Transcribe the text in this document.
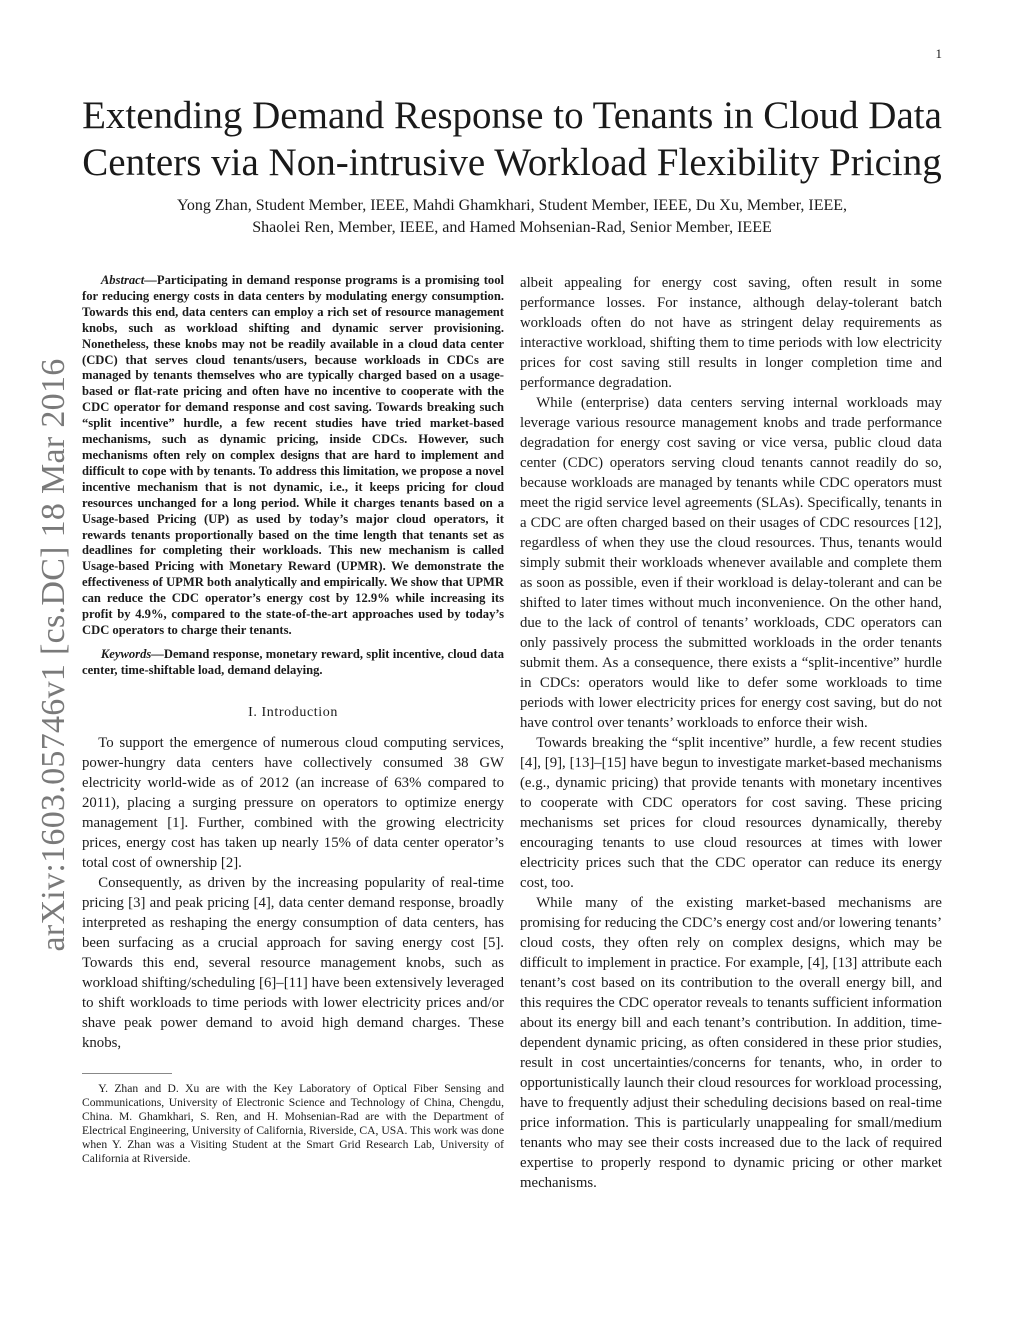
1
arXiv:1603.05746v1 [cs.DC] 18 Mar 2016
Extending Demand Response to Tenants in Cloud Data Centers via Non-intrusive Workload Flexibility Pricing
Yong Zhan, Student Member, IEEE, Mahdi Ghamkhari, Student Member, IEEE, Du Xu, Member, IEEE,
Shaolei Ren, Member, IEEE, and Hamed Mohsenian-Rad, Senior Member, IEEE

Abstract—Participating in demand response programs is a promising tool for reducing energy costs in data centers by modulating energy consumption. Towards this end, data centers can employ a rich set of resource management knobs, such as workload shifting and dynamic server provisioning. Nonetheless, these knobs may not be readily available in a cloud data center (CDC) that serves cloud tenants/users, because workloads in CDCs are managed by tenants themselves who are typically charged based on a usage-based or flat-rate pricing and often have no incentive to cooperate with the CDC operator for demand response and cost saving. Towards breaking such “split incentive” hurdle, a few recent studies have tried market-based mechanisms, such as dynamic pricing, inside CDCs. However, such mechanisms often rely on complex designs that are hard to implement and difficult to cope with by tenants. To address this limitation, we propose a novel incentive mechanism that is not dynamic, i.e., it keeps pricing for cloud resources unchanged for a long period. While it charges tenants based on a Usage-based Pricing (UP) as used by today’s major cloud operators, it rewards tenants proportionally based on the time length that tenants set as deadlines for completing their workloads. This new mechanism is called Usage-based Pricing with Monetary Reward (UPMR). We demonstrate the effectiveness of UPMR both analytically and empirically. We show that UPMR can reduce the CDC operator’s energy cost by 12.9% while increasing its profit by 4.9%, compared to the state-of-the-art approaches used by today’s CDC operators to charge their tenants.

Keywords—Demand response, monetary reward, split incentive, cloud data center, time-shiftable load, demand delaying.

I. Introduction

To support the emergence of numerous cloud computing services, power-hungry data centers have collectively consumed 38 GW electricity world-wide as of 2012 (an increase of 63% compared to 2011), placing a surging pressure on operators to optimize energy management [1]. Further, combined with the growing electricity prices, energy cost has taken up nearly 15% of data center operator’s total cost of ownership [2].

Consequently, as driven by the increasing popularity of real-time pricing [3] and peak pricing [4], data center demand response, broadly interpreted as reshaping the energy consumption of data centers, has been surfacing as a crucial approach for saving energy cost [5]. Towards this end, several resource management knobs, such as workload shifting/scheduling [6]–[11] have been extensively leveraged to shift workloads to time periods with lower electricity prices and/or shave peak power demand to avoid high demand charges. These knobs,

Y. Zhan and D. Xu are with the Key Laboratory of Optical Fiber Sensing and Communications, University of Electronic Science and Technology of China, Chengdu, China. M. Ghamkhari, S. Ren, and H. Mohsenian-Rad are with the Department of Electrical Engineering, University of California, Riverside, CA, USA. This work was done when Y. Zhan was a Visiting Student at the Smart Grid Research Lab, University of California at Riverside.

albeit appealing for energy cost saving, often result in some performance losses. For instance, although delay-tolerant batch workloads often do not have as stringent delay requirements as interactive workload, shifting them to time periods with low electricity prices for cost saving still results in longer completion time and performance degradation.

While (enterprise) data centers serving internal workloads may leverage various resource management knobs and trade performance degradation for energy cost saving or vice versa, public cloud data center (CDC) operators serving cloud tenants cannot readily do so, because workloads are managed by tenants while CDC operators must meet the rigid service level agreements (SLAs). Specifically, tenants in a CDC are often charged based on their usages of CDC resources [12], regardless of when they use the cloud resources. Thus, tenants would simply submit their workloads whenever available and complete them as soon as possible, even if their workload is delay-tolerant and can be shifted to later times without much inconvenience. On the other hand, due to the lack of control of tenants’ workloads, CDC operators can only passively process the submitted workloads in the order tenants submit them. As a consequence, there exists a “split-incentive” hurdle in CDCs: operators would like to defer some workloads to time periods with lower electricity prices for energy cost saving, but do not have control over tenants’ workloads to enforce their wish.

Towards breaking the “split incentive” hurdle, a few recent studies [4], [9], [13]–[15] have begun to investigate market-based mechanisms (e.g., dynamic pricing) that provide tenants with monetary incentives to cooperate with CDC operators for cost saving. These pricing mechanisms set prices for cloud resources dynamically, thereby encouraging tenants to use cloud resources at times with lower electricity prices such that the CDC operator can reduce its energy cost, too.

While many of the existing market-based mechanisms are promising for reducing the CDC’s energy cost and/or lowering tenants’ cloud costs, they often rely on complex designs, which may be difficult to implement in practice. For example, [4], [13] attribute each tenant’s cost based on its contribution to the overall energy bill, and this requires the CDC operator reveals to tenants sufficient information about its energy bill and each tenant’s contribution. In addition, time-dependent dynamic pricing, as often considered in these prior studies, result in cost uncertainties/concerns for tenants, who, in order to opportunistically launch their cloud resources for workload processing, have to frequently adjust their scheduling decisions based on real-time price information. This is particularly unappealing for small/medium tenants who may see their costs increased due to the lack of required expertise to properly respond to dynamic pricing or other market mechanisms.
